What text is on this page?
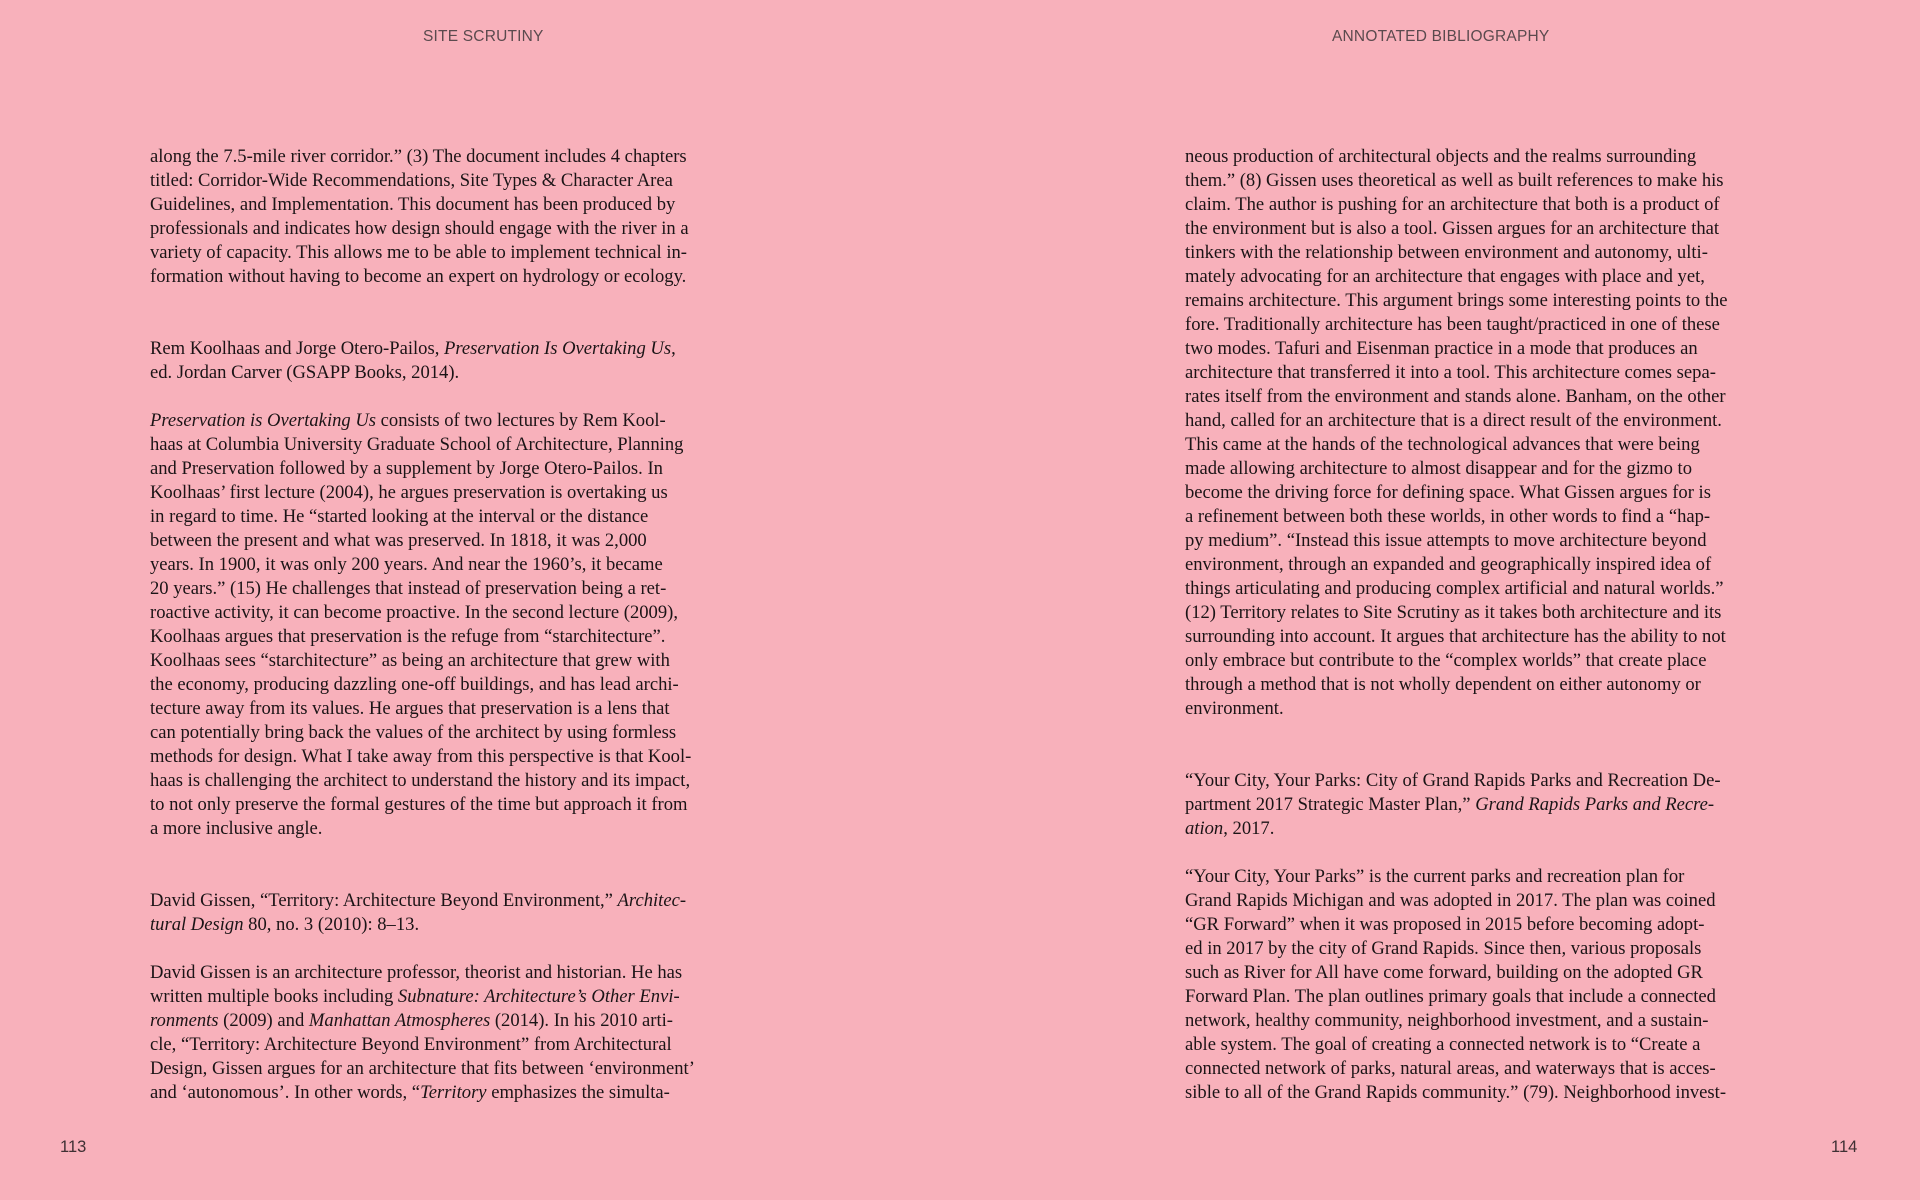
SITE SCRUTINY	ANNOTATED BIBLIOGRAPHY
along the 7.5-mile river corridor.” (3) The document includes 4 chapters
titled: Corridor-Wide Recommendations, Site Types & Character Area
Guidelines, and Implementation. This document has been produced by
professionals and indicates how design should engage with the river in a
variety of capacity. This allows me to be able to implement technical in-
formation without having to become an expert on hydrology or ecology.
Rem Koolhaas and Jorge Otero-Pailos, Preservation Is Overtaking Us,
ed. Jordan Carver (GSAPP Books, 2014).
Preservation is Overtaking Us consists of two lectures by Rem Kool-
haas at Columbia University Graduate School of Architecture, Planning
and Preservation followed by a supplement by Jorge Otero-Pailos. In
Koolhaas’ first lecture (2004), he argues preservation is overtaking us
in regard to time. He “started looking at the interval or the distance
between the present and what was preserved. In 1818, it was 2,000
years. In 1900, it was only 200 years. And near the 1960’s, it became
20 years.” (15) He challenges that instead of preservation being a ret-
roactive activity, it can become proactive. In the second lecture (2009),
Koolhaas argues that preservation is the refuge from “starchitecture”.
Koolhaas sees “starchitecture” as being an architecture that grew with
the economy, producing dazzling one-off buildings, and has lead archi-
tecture away from its values. He argues that preservation is a lens that
can potentially bring back the values of the architect by using formless
methods for design. What I take away from this perspective is that Kool-
haas is challenging the architect to understand the history and its impact,
to not only preserve the formal gestures of the time but approach it from
a more inclusive angle.
David Gissen, “Territory: Architecture Beyond Environment,” Architec-
tural Design 80, no. 3 (2010): 8–13.
David Gissen is an architecture professor, theorist and historian. He has
written multiple books including Subnature: Architecture’s Other Envi-
ronments (2009) and Manhattan Atmospheres (2014). In his 2010 arti-
cle, “Territory: Architecture Beyond Environment” from Architectural
Design, Gissen argues for an architecture that fits between ‘environment’
and ‘autonomous’. In other words, “Territory emphasizes the simulta-
neous production of architectural objects and the realms surrounding
them.” (8) Gissen uses theoretical as well as built references to make his
claim. The author is pushing for an architecture that both is a product of
the environment but is also a tool. Gissen argues for an architecture that
tinkers with the relationship between environment and autonomy, ulti-
mately advocating for an architecture that engages with place and yet,
remains architecture. This argument brings some interesting points to the
fore. Traditionally architecture has been taught/practiced in one of these
two modes. Tafuri and Eisenman practice in a mode that produces an
architecture that transferred it into a tool. This architecture comes sepa-
rates itself from the environment and stands alone. Banham, on the other
hand, called for an architecture that is a direct result of the environment.
This came at the hands of the technological advances that were being
made allowing architecture to almost disappear and for the gizmo to
become the driving force for defining space. What Gissen argues for is
a refinement between both these worlds, in other words to find a “hap-
py medium”. “Instead this issue attempts to move architecture beyond
environment, through an expanded and geographically inspired idea of
things articulating and producing complex artificial and natural worlds.”
(12) Territory relates to Site Scrutiny as it takes both architecture and its
surrounding into account. It argues that architecture has the ability to not
only embrace but contribute to the “complex worlds” that create place
through a method that is not wholly dependent on either autonomy or
environment.
“Your City, Your Parks: City of Grand Rapids Parks and Recreation De-
partment 2017 Strategic Master Plan,” Grand Rapids Parks and Recre-
ation, 2017.
“Your City, Your Parks” is the current parks and recreation plan for
Grand Rapids Michigan and was adopted in 2017. The plan was coined
“GR Forward” when it was proposed in 2015 before becoming adopt-
ed in 2017 by the city of Grand Rapids. Since then, various proposals
such as River for All have come forward, building on the adopted GR
Forward Plan. The plan outlines primary goals that include a connected
network, healthy community, neighborhood investment, and a sustain-
able system. The goal of creating a connected network is to “Create a
connected network of parks, natural areas, and waterways that is acces-
sible to all of the Grand Rapids community.” (79). Neighborhood invest-
113	114
